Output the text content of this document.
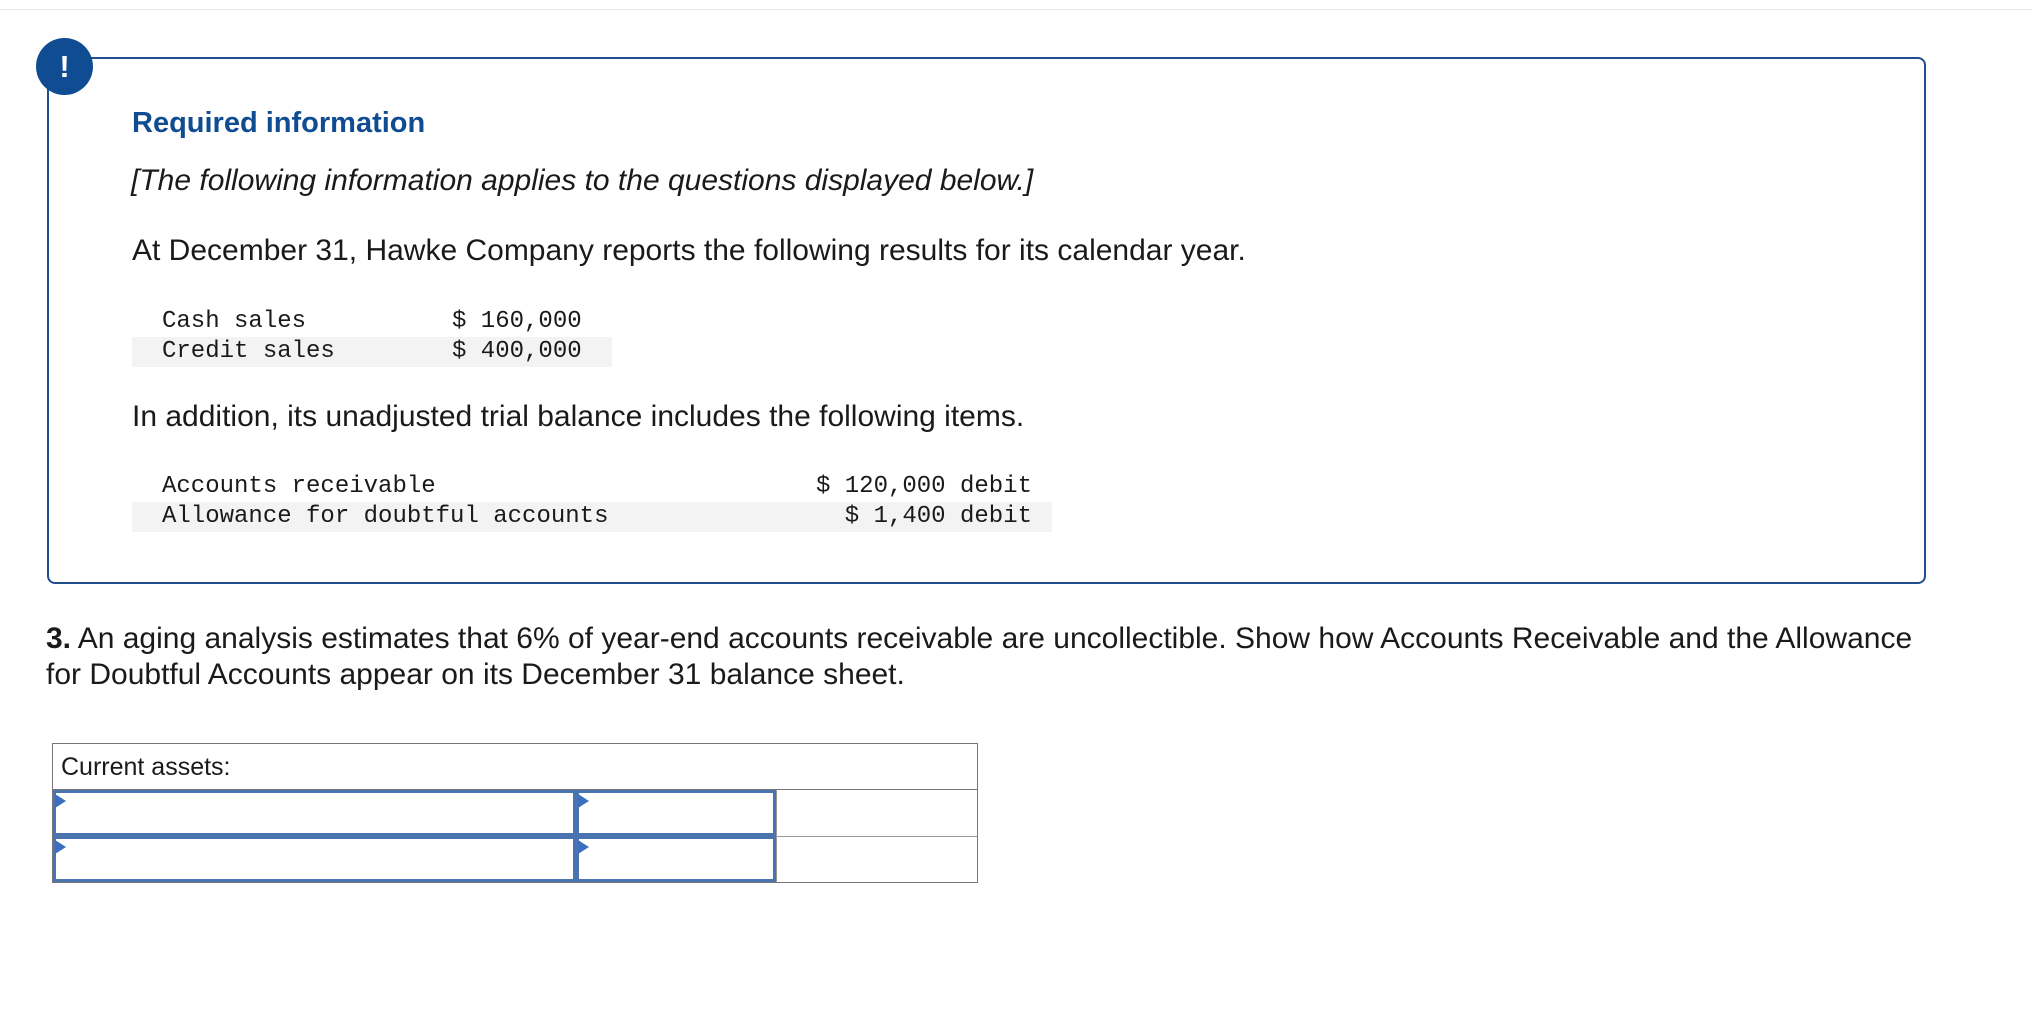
!
Required information
[The following information applies to the questions displayed below.]
At December 31, Hawke Company reports the following results for its calendar year.
Cash sales	$ 160,000
Credit sales	$ 400,000
In addition, its unadjusted trial balance includes the following items.
Accounts receivable	$ 120,000 debit
Allowance for doubtful accounts	$ 1,400 debit
3. An aging analysis estimates that 6% of year-end accounts receivable are uncollectible. Show how Accounts Receivable and the Allowance for Doubtful Accounts appear on its December 31 balance sheet.
Current assets:
